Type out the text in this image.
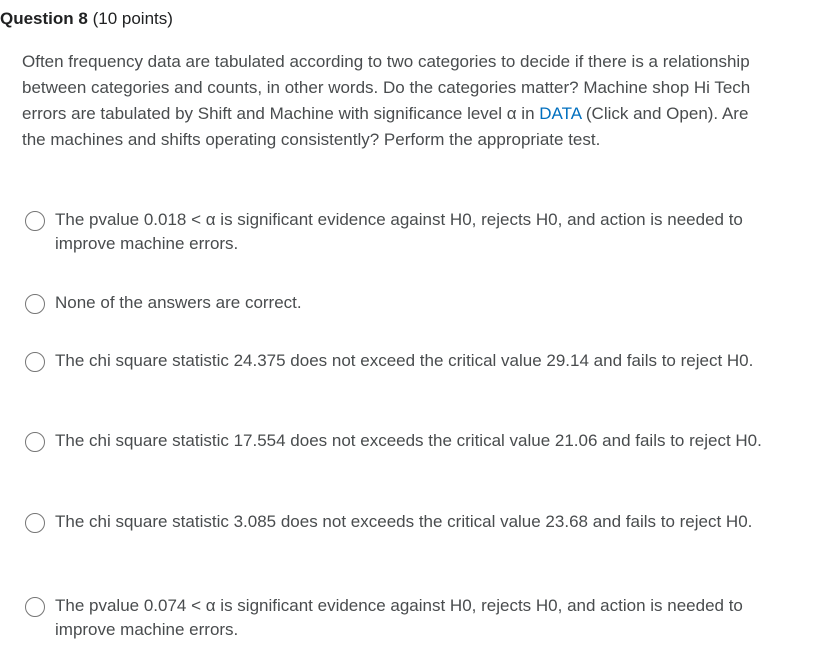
Question 8 (10 points)
Often frequency data are tabulated according to two categories to decide if there is a relationship between categories and counts, in other words. Do the categories matter? Machine shop Hi Tech errors are tabulated by Shift and Machine with significance level α in DATA (Click and Open). Are the machines and shifts operating consistently? Perform the appropriate test.
The pvalue 0.018 < α is significant evidence against H0, rejects H0, and action is needed to improve machine errors.
None of the answers are correct.
The chi square statistic 24.375 does not exceed the critical value 29.14 and fails to reject H0.
The chi square statistic 17.554 does not exceeds the critical value 21.06 and fails to reject H0.
The chi square statistic 3.085 does not exceeds the critical value 23.68 and fails to reject H0.
The pvalue 0.074 < α is significant evidence against H0, rejects H0, and action is needed to improve machine errors.
